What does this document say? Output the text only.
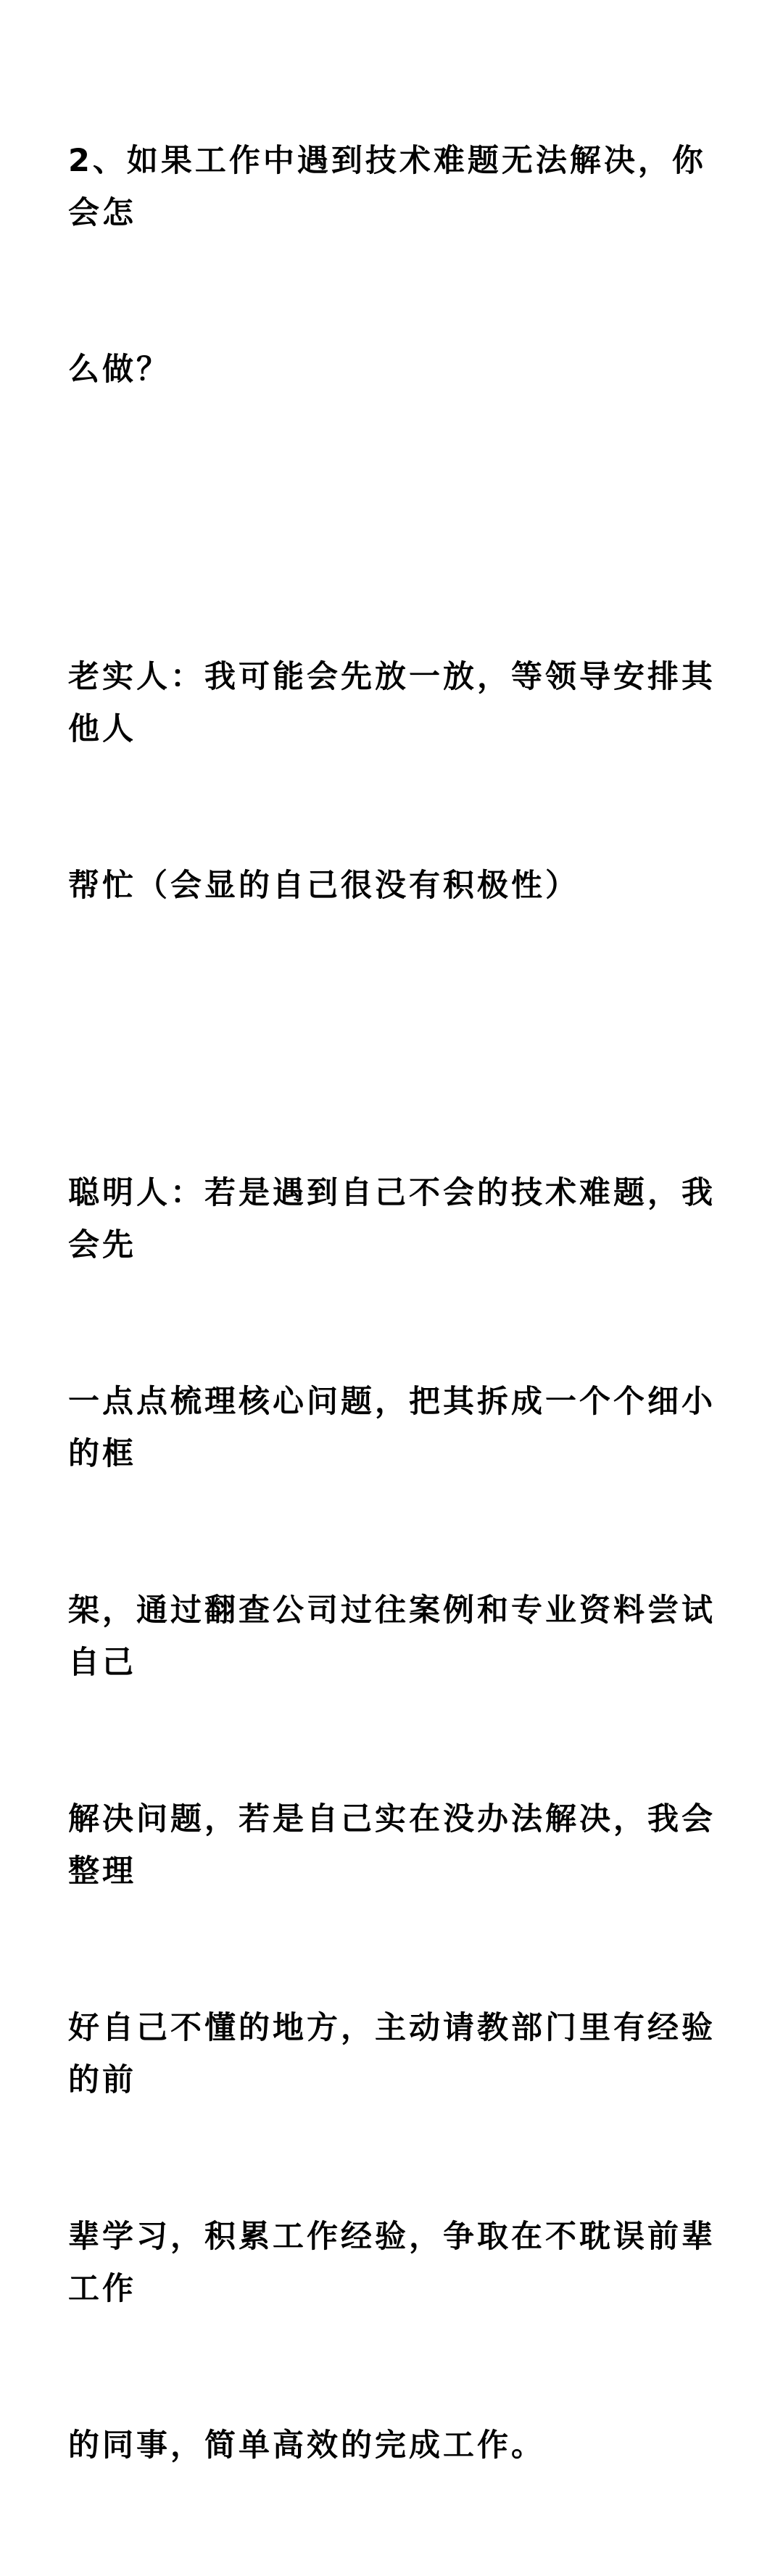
2、如果工作中遇到技术难题无法解决，你会怎

么做？

老实人：我可能会先放一放，等领导安排其他人

帮忙（会显的自己很没有积极性）

聪明人：若是遇到自己不会的技术难题，我会先

一点点梳理核心问题，把其拆成一个个细小的框

架，通过翻查公司过往案例和专业资料尝试自己

解决问题，若是自己实在没办法解决，我会整理

好自己不懂的地方，主动请教部门里有经验的前

辈学习，积累工作经验，争取在不耽误前辈工作

的同事，简单高效的完成工作。
